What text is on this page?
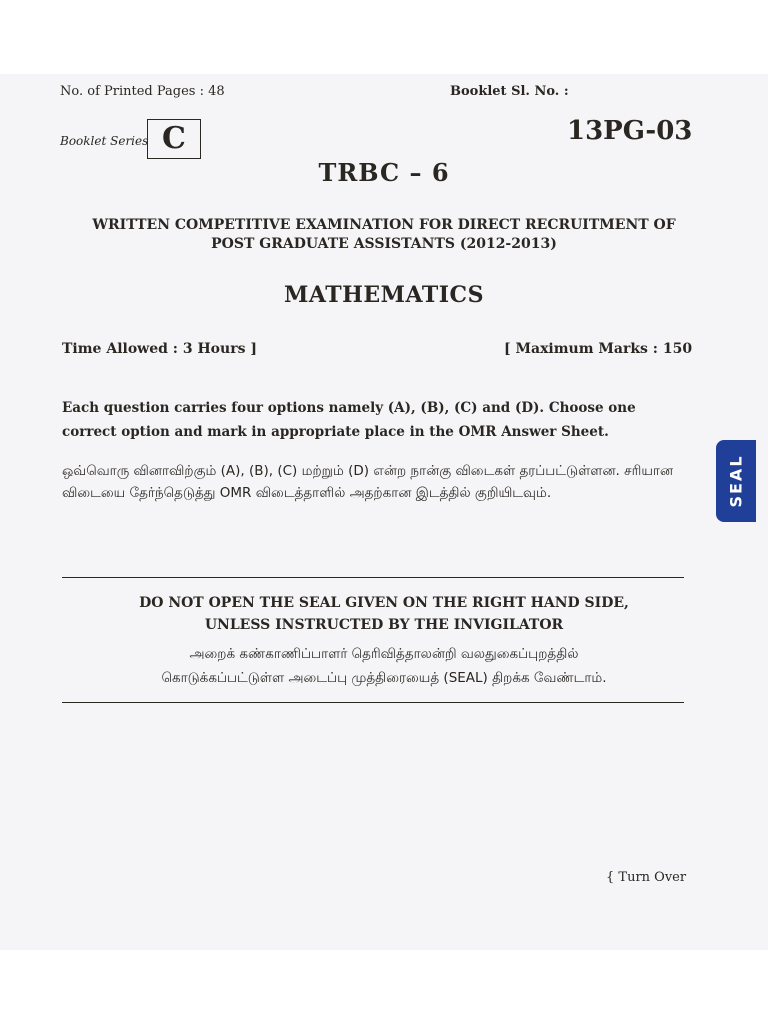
No. of Printed Pages : 48	Booklet Sl. No. :
Booklet Series C	13PG-03
TRBC – 6
WRITTEN COMPETITIVE EXAMINATION FOR DIRECT RECRUITMENT OF
POST GRADUATE ASSISTANTS (2012-2013)
MATHEMATICS
Time Allowed : 3 Hours ]	[ Maximum Marks : 150
Each question carries four options namely (A), (B), (C) and (D). Choose one correct option and mark in appropriate place in the OMR Answer Sheet.
ஒவ்வொரு வினாவிற்கும் (A), (B), (C) மற்றும் (D) என்ற நான்கு விடைகள் தரப்பட்டுள்ளன. சரியான விடையை தேர்ந்தெடுத்து OMR விடைத்தாளில் அதற்கான இடத்தில் குறியிடவும்.
DO NOT OPEN THE SEAL GIVEN ON THE RIGHT HAND SIDE,
UNLESS INSTRUCTED BY THE INVIGILATOR
அறைக் கண்காணிப்பாளர் தெரிவித்தாலன்றி வலதுகைப்புறத்தில்
கொடுக்கப்பட்டுள்ள அடைப்பு முத்திரையைத் (SEAL) திறக்க வேண்டாம்.
{ Turn Over
SEAL
